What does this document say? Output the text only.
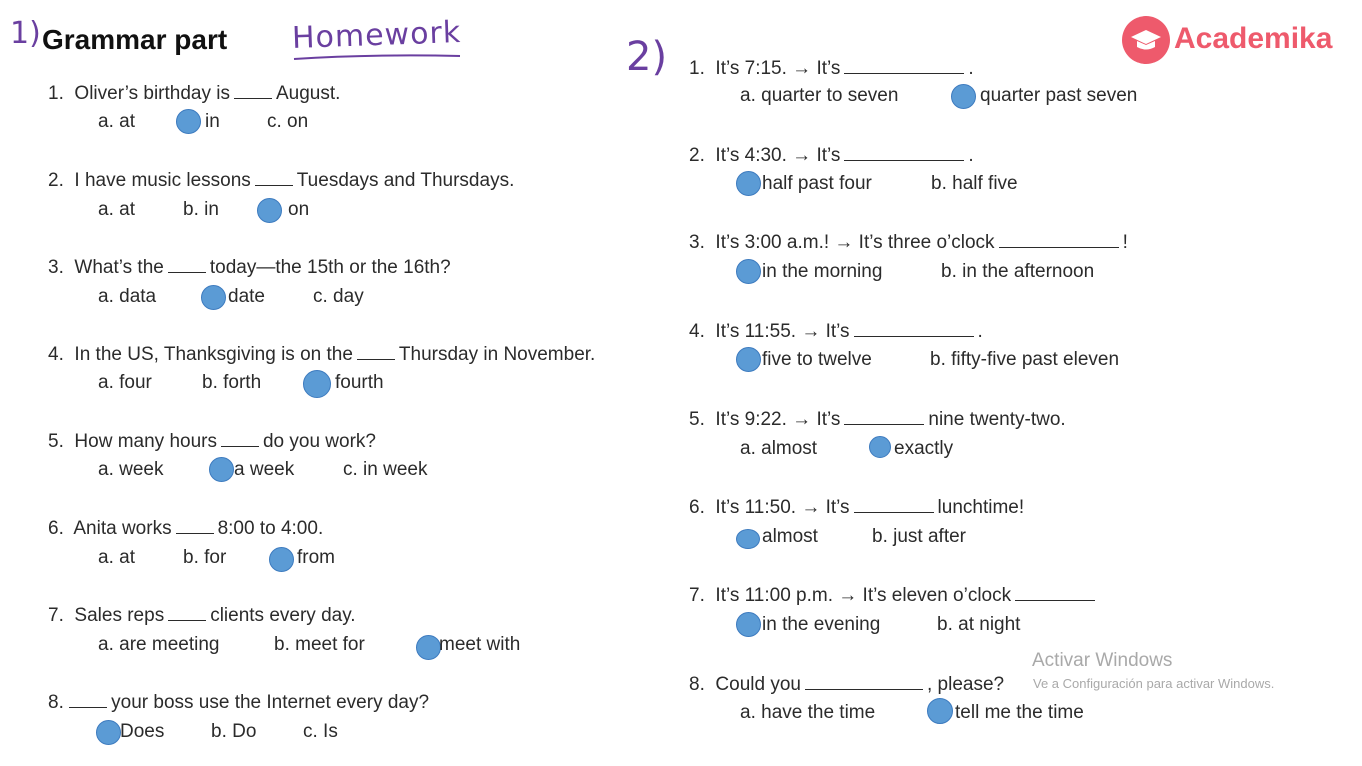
1) Grammar part Homework	2)	Academika
1. Oliver’s birthday is August.
a. at	in c. on
2. I have music lessons Tuesdays and Thursdays.
a. at	b. in	on
3. What’s the today—the 15th or the 16th?
a. data	date	c. day
4. In the US, Thanksgiving is on the Thursday in November.
a. four	b. forth	fourth
5. How many hours do you work?
a. week	a week	c. in week
6. Anita works 8:00 to 4:00.
a. at	b. for	from
7. Sales reps clients every day.
a. are meeting	b. meet for	meet with
8. your boss use the Internet every day?
Does b. Do c. Is
1. It’s 7:15. → It’s	.
a. quarter to seven	quarter past seven
2. It’s 4:30. → It’s	.
half past four	b. half five
3. It’s 3:00 a.m.! → It’s three o’clock	!
in the morning	b. in the afternoon
4. It’s 11:55. → It’s	.
five to twelve	b. fifty-five past eleven
5. It’s 9:22. → It’s	nine twenty-two.
a. almost	exactly
6. It’s 11:50. → It’s	lunchtime!
almost	b. just after
7. It’s 11:00 p.m. → It’s eleven o’clock
in the evening	b. at night
8. Could you	, please?
a. have the time	tell me the time
Activar Windows
Ve a Configuración para activar Windows.
